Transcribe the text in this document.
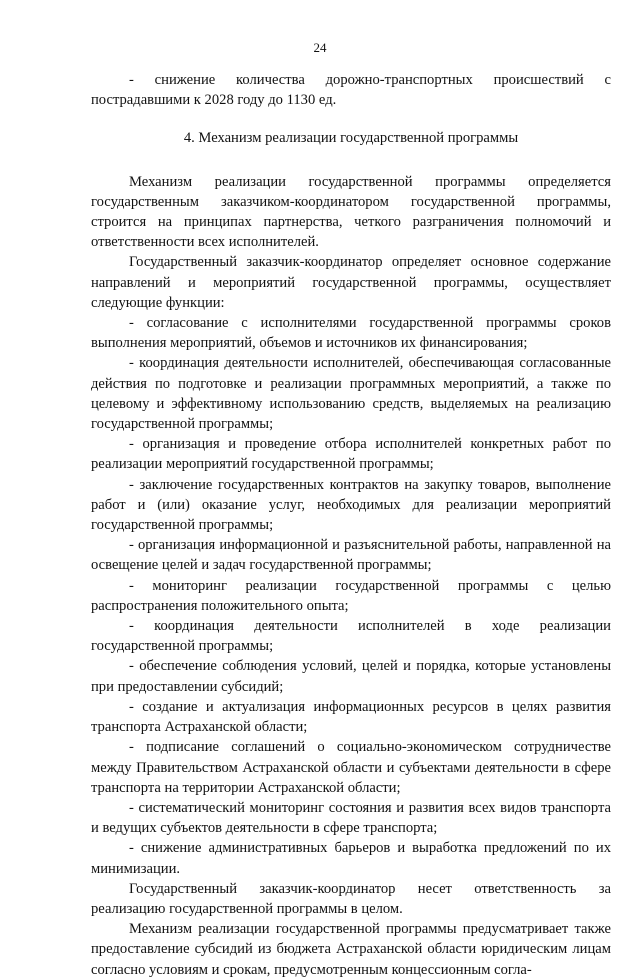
24

- снижение количества дорожно-транспортных происшествий с пострадавшими к 2028 году до 1130 ед.

4. Механизм реализации государственной программы

Механизм реализации государственной программы определяется государственным заказчиком-координатором государственной программы, строится на принципах партнерства, четкого разграничения полномочий и ответственности всех исполнителей.

Государственный заказчик-координатор определяет основное содержание направлений и мероприятий государственной программы, осуществляет следующие функции:

- согласование с исполнителями государственной программы сроков выполнения мероприятий, объемов и источников их финансирования;

- координация деятельности исполнителей, обеспечивающая согласованные действия по подготовке и реализации программных мероприятий, а также по целевому и эффективному использованию средств, выделяемых на реализацию государственной программы;

- организация и проведение отбора исполнителей конкретных работ по реализации мероприятий государственной программы;

- заключение государственных контрактов на закупку товаров, выполнение работ и (или) оказание услуг, необходимых для реализации мероприятий государственной программы;

- организация информационной и разъяснительной работы, направленной на освещение целей и задач государственной программы;

- мониторинг реализации государственной программы с целью распространения положительного опыта;

- координация деятельности исполнителей в ходе реализации государственной программы;

- обеспечение соблюдения условий, целей и порядка, которые установлены при предоставлении субсидий;

- создание и актуализация информационных ресурсов в целях развития транспорта Астраханской области;

- подписание соглашений о социально-экономическом сотрудничестве между Правительством Астраханской области и субъектами деятельности в сфере транспорта на территории Астраханской области;

- систематический мониторинг состояния и развития всех видов транспорта и ведущих субъектов деятельности в сфере транспорта;

- снижение административных барьеров и выработка предложений по их минимизации.

Государственный заказчик-координатор несет ответственность за реализацию государственной программы в целом.

Механизм реализации государственной программы предусматривает также предоставление субсидий из бюджета Астраханской области юридическим лицам согласно условиям и срокам, предусмотренным концессионным согла-
